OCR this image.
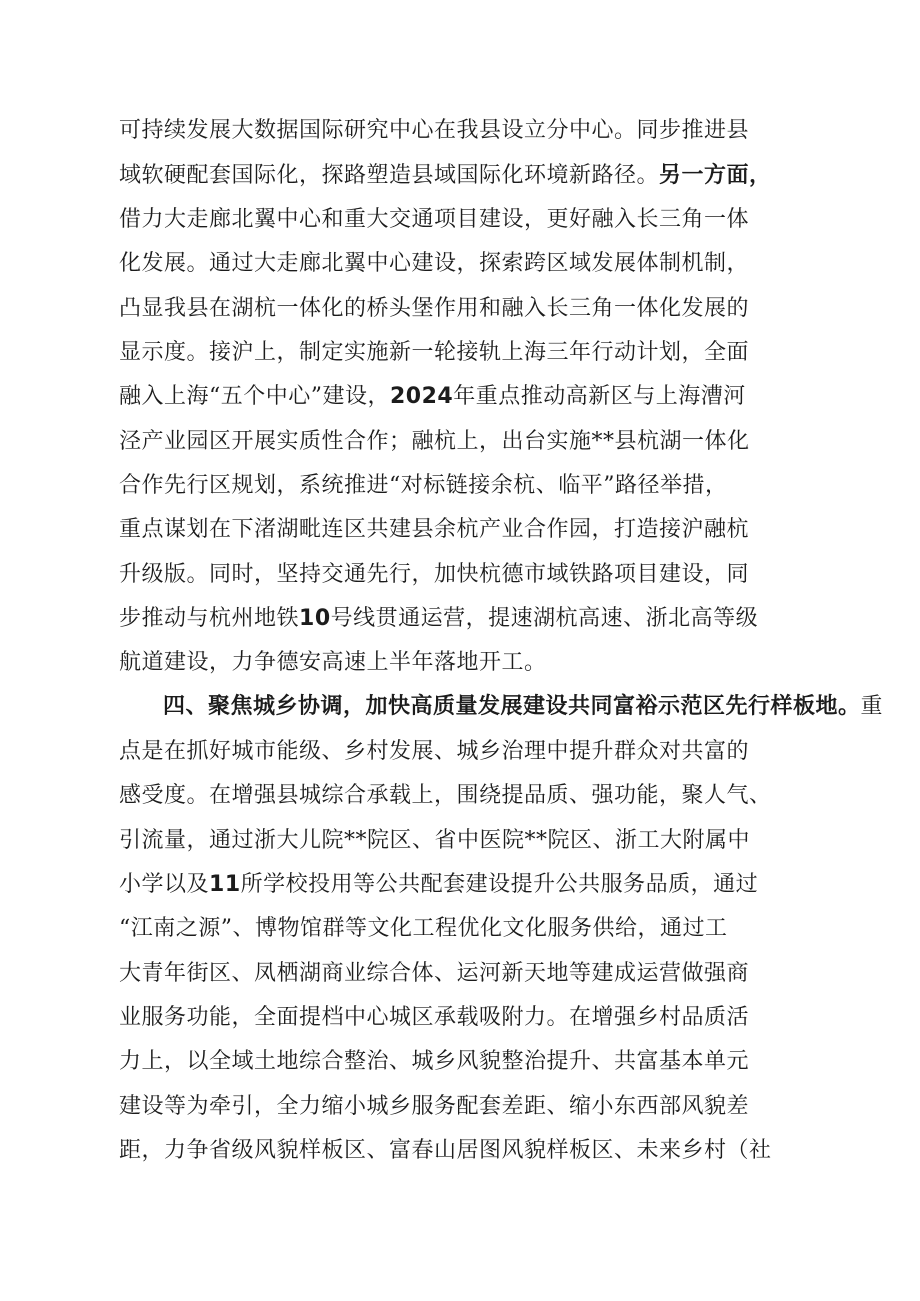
可持续发展大数据国际研究中心在我县设立分中心。同步推进县
域软硬配套国际化，探路塑造县域国际化环境新路径。另一方面，
借力大走廊北翼中心和重大交通项目建设，更好融入长三角一体
化发展。通过大走廊北翼中心建设，探索跨区域发展体制机制，
凸显我县在湖杭一体化的桥头堡作用和融入长三角一体化发展的
显示度。接沪上，制定实施新一轮接轨上海三年行动计划，全面
融入上海“五个中心”建设，2024年重点推动高新区与上海漕河
泾产业园区开展实质性合作；融杭上，出台实施**县杭湖一体化
合作先行区规划，系统推进“对标链接余杭、临平”路径举措，
重点谋划在下渚湖毗连区共建县余杭产业合作园，打造接沪融杭
升级版。同时，坚持交通先行，加快杭德市域铁路项目建设，同
步推动与杭州地铁10号线贯通运营，提速湖杭高速、浙北高等级
航道建设，力争德安高速上半年落地开工。
四、聚焦城乡协调，加快高质量发展建设共同富裕示范区先行样板地。重
点是在抓好城市能级、乡村发展、城乡治理中提升群众对共富的
感受度。在增强县城综合承载上，围绕提品质、强功能，聚人气、
引流量，通过浙大儿院**院区、省中医院**院区、浙工大附属中
小学以及11所学校投用等公共配套建设提升公共服务品质，通过
“江南之源”、博物馆群等文化工程优化文化服务供给，通过工
大青年街区、凤栖湖商业综合体、运河新天地等建成运营做强商
业服务功能，全面提档中心城区承载吸附力。在增强乡村品质活
力上，以全域土地综合整治、城乡风貌整治提升、共富基本单元
建设等为牵引，全力缩小城乡服务配套差距、缩小东西部风貌差
距，力争省级风貌样板区、富春山居图风貌样板区、未来乡村（社
